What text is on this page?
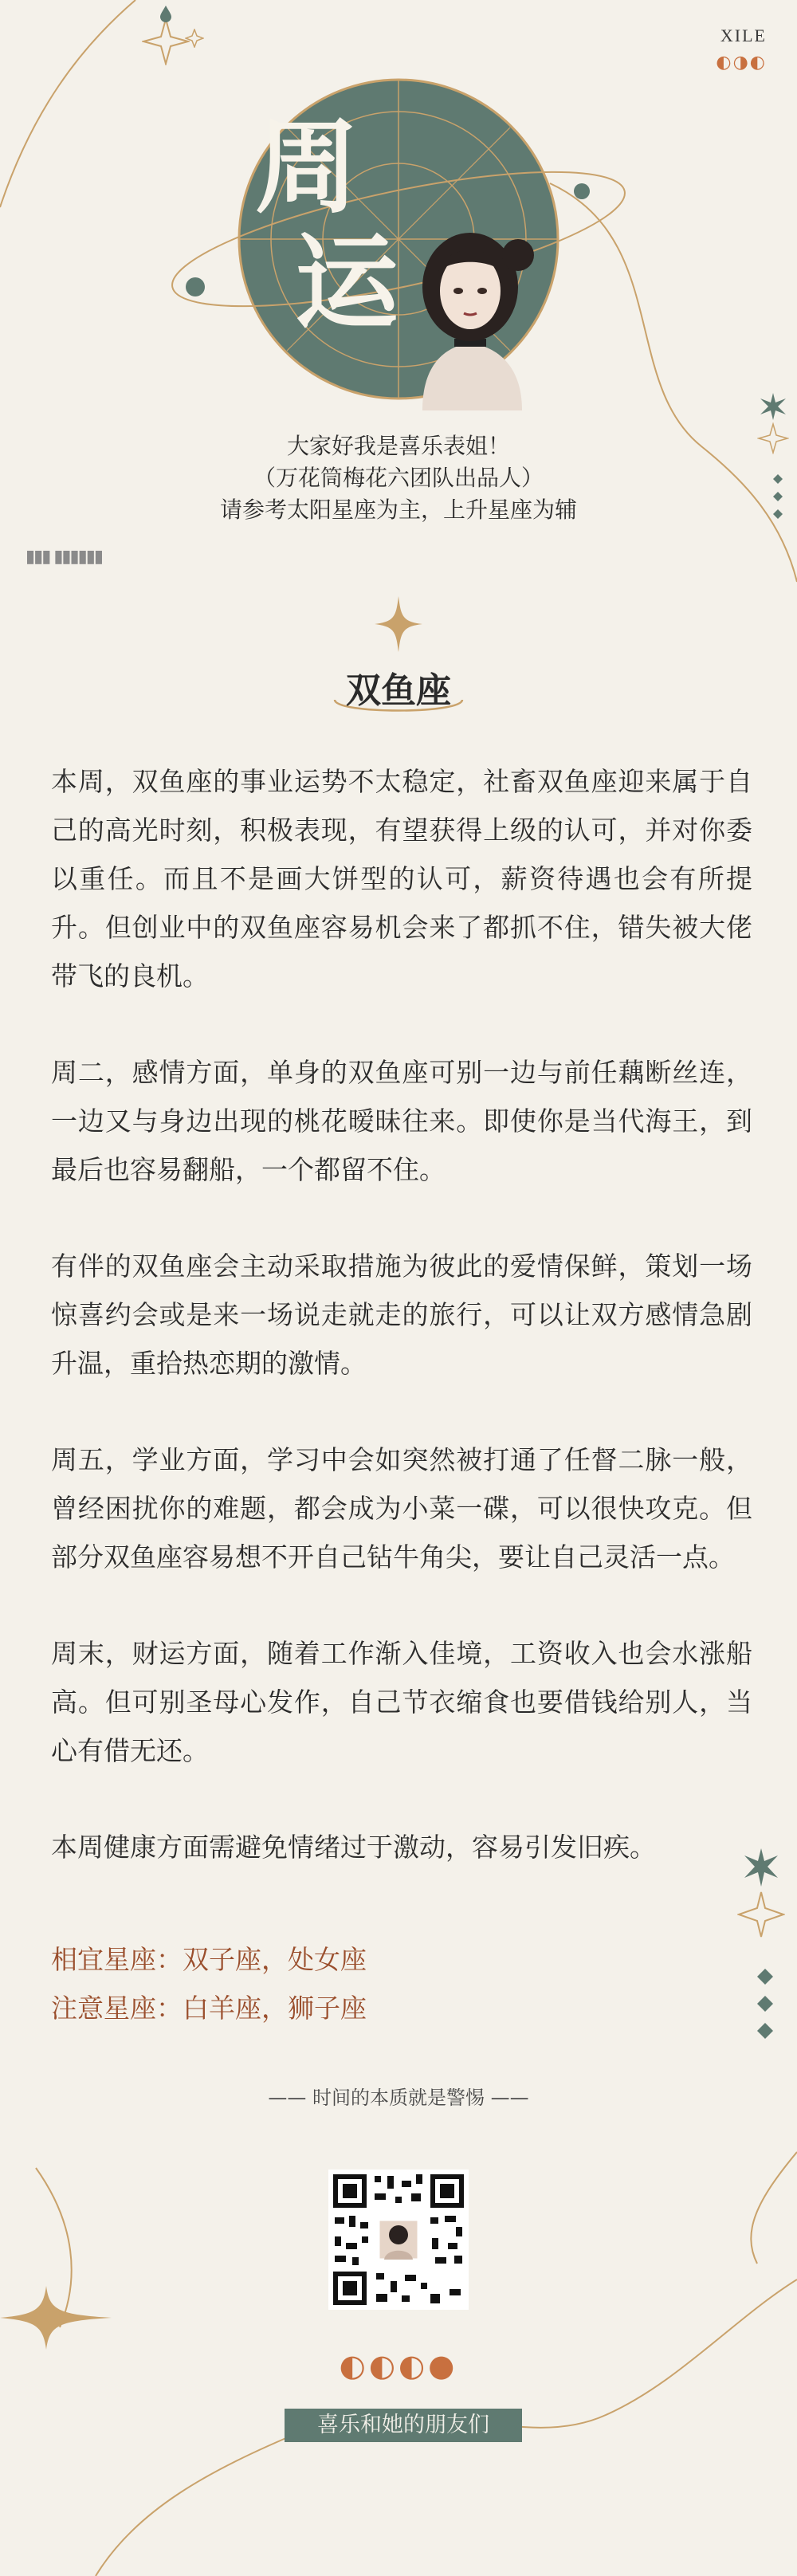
XILE
◐◑◐
周
运
▮▮▮ ▮▮▮▮▮▮
大家好我是喜乐表姐！
（万花筒梅花六团队出品人）
请参考太阳星座为主，上升星座为辅
双鱼座

本周，双鱼座的事业运势不太稳定，社畜双鱼座迎来属于自己的高光时刻，积极表现，有望获得上级的认可，并对你委以重任。而且不是画大饼型的认可，薪资待遇也会有所提升。但创业中的双鱼座容易机会来了都抓不住，错失被大佬带飞的良机。

周二，感情方面，单身的双鱼座可别一边与前任藕断丝连，一边又与身边出现的桃花暧昧往来。即使你是当代海王，到最后也容易翻船，一个都留不住。

有伴的双鱼座会主动采取措施为彼此的爱情保鲜，策划一场惊喜约会或是来一场说走就走的旅行，可以让双方感情急剧升温，重拾热恋期的激情。

周五，学业方面，学习中会如突然被打通了任督二脉一般，曾经困扰你的难题，都会成为小菜一碟，可以很快攻克。但部分双鱼座容易想不开自己钻牛角尖，要让自己灵活一点。

周末，财运方面，随着工作渐入佳境，工资收入也会水涨船高。但可别圣母心发作，自己节衣缩食也要借钱给别人，当心有借无还。

本周健康方面需避免情绪过于激动，容易引发旧疾。

相宜星座：双子座，处女座
注意星座：白羊座，狮子座
—— 时间的本质就是警惕 ——
◐◐◐●
喜乐和她的朋友们
